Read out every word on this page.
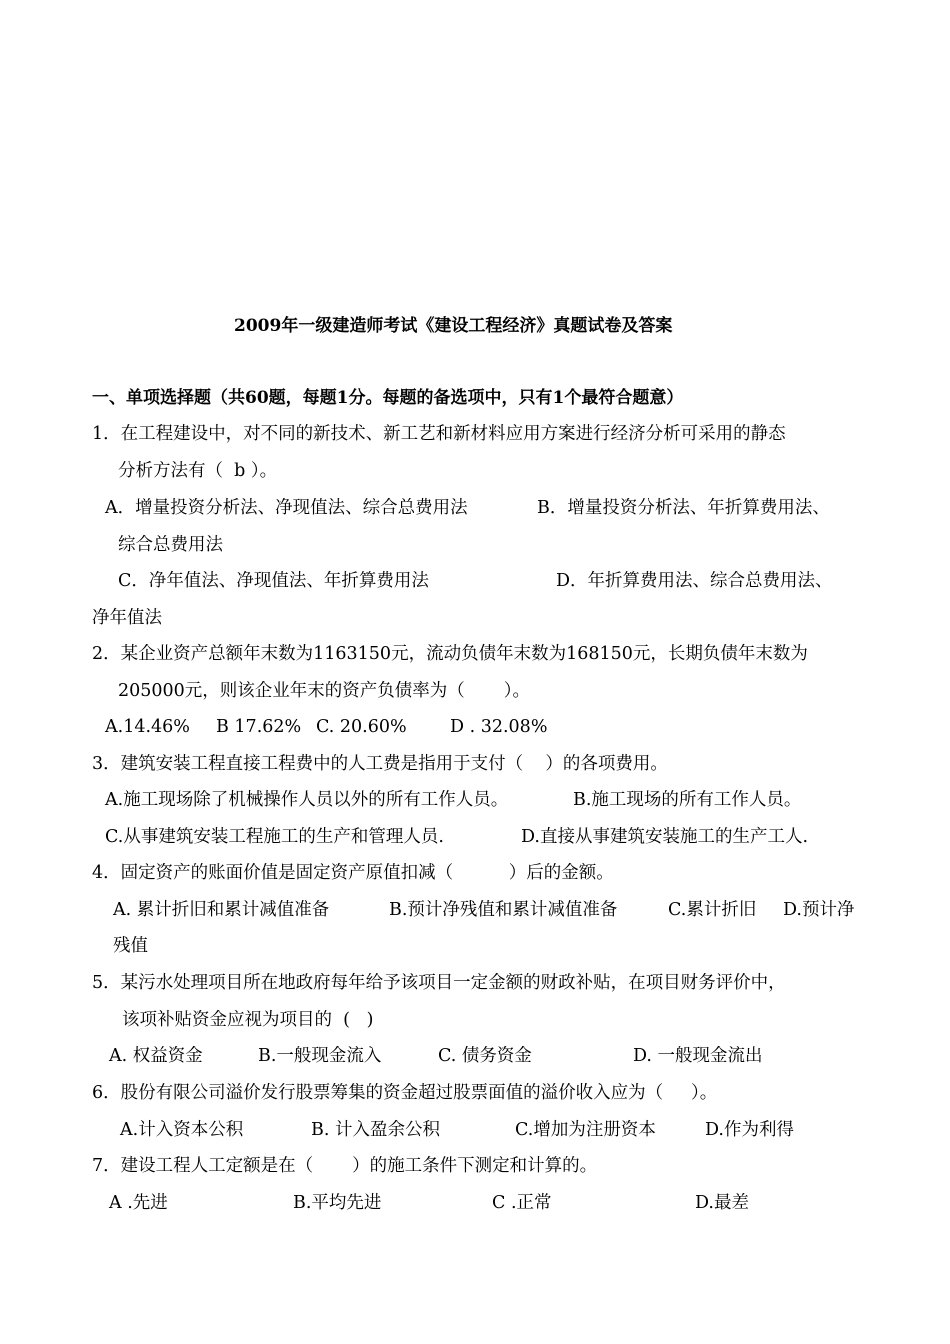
2009年一级建造师考试《建设工程经济》真题试卷及答案
一、单项选择题（共60题，每题1分。每题的备选项中，只有1个最符合题意）
1．在工程建设中，对不同的新技术、新工艺和新材料应用方案进行经济分析可采用的静态
分析方法有（  b ）。
A．增量投资分析法、净现值法、综合总费用法	B．增量投资分析法、年折算费用法、
综合总费用法
C．净年值法、净现值法、年折算费用法	D．年折算费用法、综合总费用法、
净年值法
2．某企业资产总额年末数为1163150元，流动负债年末数为168150元，长期负债年末数为
205000元，则该企业年末的资产负债率为（       ）。
A.14.46% B 17.62% C. 20.60% D . 32.08%
3．建筑安装工程直接工程费中的人工费是指用于支付（    ）的各项费用。
A.施工现场除了机械操作人员以外的所有工作人员。	B.施工现场的所有工作人员。
C.从事建筑安装工程施工的生产和管理人员.	D.直接从事建筑安装施工的生产工人.
4．固定资产的账面价值是固定资产原值扣减（          ）后的金额。
A. 累计折旧和累计减值准备	B.预计净残值和累计减值准备	C.累计折旧 D.预计净
残值
5．某污水处理项目所在地政府每年给予该项目一定金额的财政补贴，在项目财务评价中，
该项补贴资金应视为项目的  (   )
A. 权益资金	B.一般现金流入	C. 债务资金	D. 一般现金流出
6．股份有限公司溢价发行股票筹集的资金超过股票面值的溢价收入应为（     ）。
A.计入资本公积	B. 计入盈余公积	C.增加为注册资本	D.作为利得
7．建设工程人工定额是在（       ）的施工条件下测定和计算的。
A .先进	B.平均先进	C .正常	D.最差
